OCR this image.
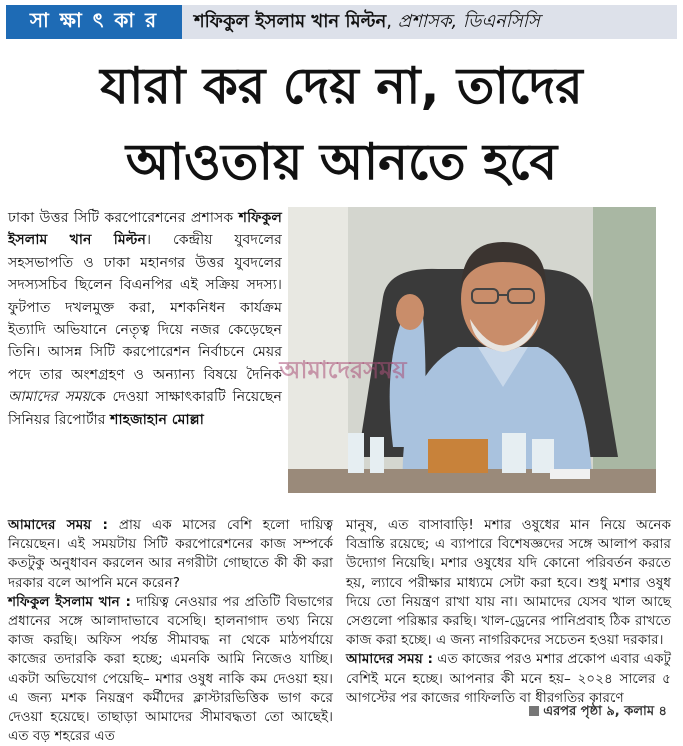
সা ক্ষা ৎ কা র	শফিকুল ইসলাম খান মিল্টন, প্রশাসক, ডিএনসিসি
যারা কর দেয় না, তাদের
আওতায় আনতে হবে
ঢাকা উত্তর সিটি করপোরেশনের প্রশাসক শফিকুল ইসলাম খান মিল্টন। কেন্দ্রীয় যুবদলের সহসভাপতি ও ঢাকা মহানগর উত্তর যুবদলের সদস্যসচিব ছিলেন বিএনপির এই সক্রিয় সদস্য। ফুটপাত দখলমুক্ত করা, মশকনিধন কার্যক্রম ইত্যাদি অভিযানে নেতৃত্ব দিয়ে নজর কেড়েছেন তিনি। আসন্ন সিটি করপোরেশন নির্বাচনে মেয়র পদে তার অংশগ্রহণ ও অন্যান্য বিষয়ে দৈনিক আমাদের সময়কে দেওয়া সাক্ষাৎকারটি নিয়েছেন সিনিয়র রিপোর্টার শাহজাহান মোল্লা
আমাদেরসময়

আমাদের সময় : প্রায় এক মাসের বেশি হলো দায়িত্ব নিয়েছেন। এই সময়টায় সিটি করপোরেশনের কাজ সম্পর্কে কতটুকু অনুধাবন করলেন আর নগরীটা গোছাতে কী কী করা দরকার বলে আপনি মনে করেন?

শফিকুল ইসলাম খান : দায়িত্ব নেওয়ার পর প্রতিটি বিভাগের প্রধানের সঙ্গে আলাদাভাবে বসেছি। হালনাগাদ তথ্য নিয়ে কাজ করছি। অফিস পর্যন্ত সীমাবদ্ধ না থেকে মাঠপর্যায়ে কাজের তদারকি করা হচ্ছে; এমনকি আমি নিজেও যাচ্ছি। একটা অভিযোগ পেয়েছি– মশার ওষুধ নাকি কম দেওয়া হয়। এ জন্য মশক নিয়ন্ত্রণ কর্মীদের ক্লাস্টারভিত্তিক ভাগ করে দেওয়া হয়েছে। তাছাড়া আমাদের সীমাবদ্ধতা তো আছেই। এত বড় শহরের এত

মানুষ, এত বাসাবাড়ি! মশার ওষুধের মান নিয়ে অনেক বিভ্রান্তি রয়েছে; এ ব্যাপারে বিশেষজ্ঞদের সঙ্গে আলাপ করার উদ্যোগ নিয়েছি। মশার ওষুধের যদি কোনো পরিবর্তন করতে হয়, ল্যাবে পরীক্ষার মাধ্যমে সেটা করা হবে। শুধু মশার ওষুধ দিয়ে তো নিয়ন্ত্রণ রাখা যায় না। আমাদের যেসব খাল আছে সেগুলো পরিষ্কার করছি। খাল-ড্রেনের পানিপ্রবাহ ঠিক রাখতে কাজ করা হচ্ছে। এ জন্য নাগরিকদের সচেতন হওয়া দরকার।

আমাদের সময় : এত কাজের পরও মশার প্রকোপ এবার একটু বেশিই মনে হচ্ছে। আপনার কী মনে হয়– ২০২৪ সালের ৫ আগস্টের পর কাজের গাফিলতি বা ধীরগতির কারণে

এরপর পৃষ্ঠা ৯, কলাম ৪
